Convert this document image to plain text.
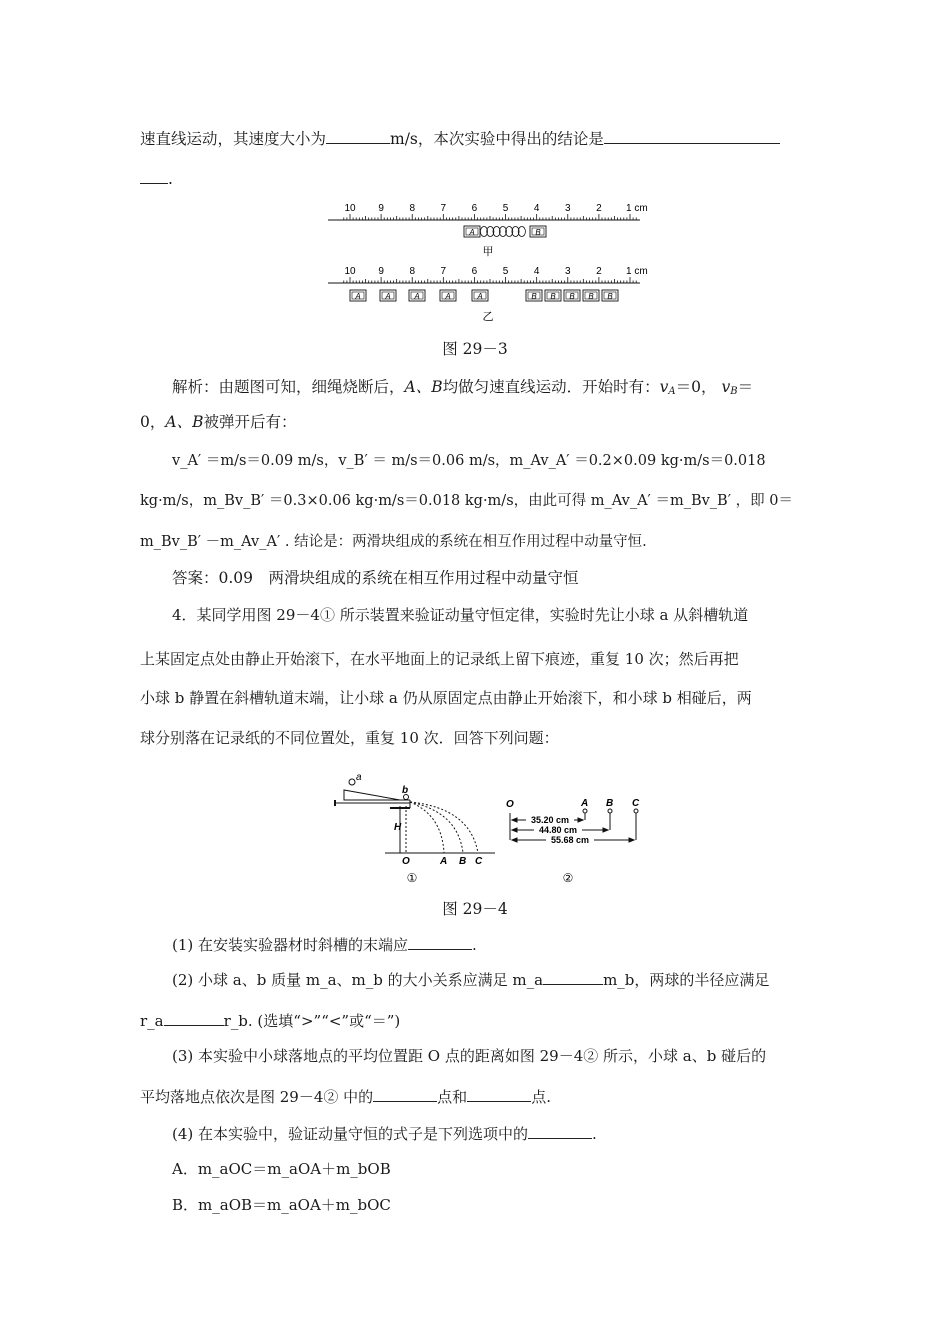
速直线运动，其速度大小为	m/s，本次实验中得出的结论是
.
10 9	8	7	6	5	4	3	2 1 cm
10 9	8	7	6	5	4	3	2 1 cm
A	B
A	A	A	A	A	B B B B B
甲
乙
图 29－3
解析：由题图可知，细绳烧断后，A、B均做匀速直线运动．开始时有：$v_A=0$， $v_B=$
0，A、B被弹开后有：
v_A′ ＝m/s＝0.09 m/s，v_B′ ＝ m/s＝0.06 m/s，m_Av_A′ ＝0.2×0.09 kg·m/s＝0.018
kg·m/s，m_Bv_B′ ＝0.3×0.06 kg·m/s＝0.018 kg·m/s，由此可得 m_Av_A′ ＝m_Bv_B′ ，即 0＝
m_Bv_B′ －m_Av_A′ . 结论是：两滑块组成的系统在相互作用过程中动量守恒.
答案：0.09　两滑块组成的系统在相互作用过程中动量守恒
4．某同学用图 29－4① 所示装置来验证动量守恒定律，实验时先让小球 a 从斜槽轨道
上某固定点处由静止开始滚下，在水平地面上的记录纸上留下痕迹，重复 10 次；然后再把
小球 b 静置在斜槽轨道末端，让小球 a 仍从原固定点由静止开始滚下，和小球 b 相碰后，两
球分别落在记录纸的不同位置处，重复 10 次．回答下列问题：
a
b
H
O	A B C
①
O	A B C
35.20 cm
44.80 cm
55.68 cm
②
图 29－4
(1) 在安装实验器材时斜槽的末端应	.
(2) 小球 a、b 质量 m_a、m_b 的大小关系应满足 m_a	m_b，两球的半径应满足
r_a	r_b. (选填“>”“<”或“＝”)
(3) 本实验中小球落地点的平均位置距 O 点的距离如图 29－4② 所示，小球 a、b 碰后的
平均落地点依次是图 29－4② 中的	点和	点.
(4) 在本实验中，验证动量守恒的式子是下列选项中的	.
A．m_aOC＝m_aOA＋m_bOB
B．m_aOB＝m_aOA＋m_bOC
